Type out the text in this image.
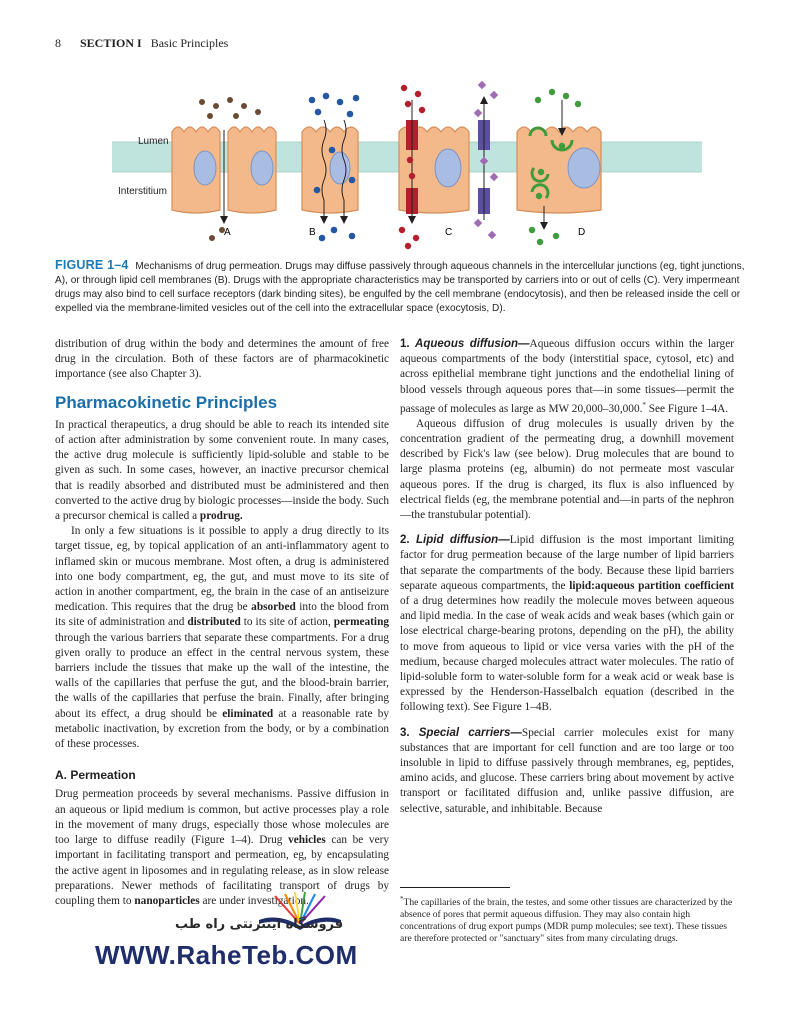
8 SECTION I Basic Principles
Lumen
Interstitium
A	B	C	D
FIGURE 1–4 Mechanisms of drug permeation. Drugs may diffuse passively through aqueous channels in the intercellular junctions (eg, tight junctions, A), or through lipid cell membranes (B). Drugs with the appropriate characteristics may be transported by carriers into or out of cells (C). Very impermeant drugs may also bind to cell surface receptors (dark binding sites), be engulfed by the cell membrane (endocytosis), and then be released inside the cell or expelled via the membrane-limited vesicles out of the cell into the extracellular space (exocytosis, D).

distribution of drug within the body and determines the amount of free drug in the circulation. Both of these factors are of pharmacokinetic importance (see also Chapter 3).

Pharmacokinetic Principles

In practical therapeutics, a drug should be able to reach its intended site of action after administration by some convenient route. In many cases, the active drug molecule is sufficiently lipid-soluble and stable to be given as such. In some cases, however, an inactive precursor chemical that is readily absorbed and distributed must be administered and then converted to the active drug by biologic processes—inside the body. Such a precursor chemical is called a prodrug.

In only a few situations is it possible to apply a drug directly to its target tissue, eg, by topical application of an anti-inflammatory agent to inflamed skin or mucous membrane. Most often, a drug is administered into one body compartment, eg, the gut, and must move to its site of action in another compartment, eg, the brain in the case of an antiseizure medication. This requires that the drug be absorbed into the blood from its site of administration and distributed to its site of action, permeating through the various barriers that separate these compartments. For a drug given orally to produce an effect in the central nervous system, these barriers include the tissues that make up the wall of the intestine, the walls of the capillaries that perfuse the gut, and the blood-brain barrier, the walls of the capillaries that perfuse the brain. Finally, after bringing about its effect, a drug should be eliminated at a reasonable rate by metabolic inactivation, by excretion from the body, or by a combination of these processes.

A. Permeation

Drug permeation proceeds by several mechanisms. Passive diffusion in an aqueous or lipid medium is common, but active processes play a role in the movement of many drugs, especially those whose molecules are too large to diffuse readily (Figure 1–4). Drug vehicles can be very important in facilitating transport and permeation, eg, by encapsulating the active agent in liposomes and in regulating release, as in slow release preparations. Newer methods of facilitating transport of drugs by coupling them to nanoparticles are under investigation.

1. Aqueous diffusion—Aqueous diffusion occurs within the larger aqueous compartments of the body (interstitial space, cytosol, etc) and across epithelial membrane tight junctions and the endothelial lining of blood vessels through aqueous pores that—in some tissues—permit the passage of molecules as large as MW 20,000–30,000.* See Figure 1–4A.

Aqueous diffusion of drug molecules is usually driven by the concentration gradient of the permeating drug, a downhill movement described by Fick's law (see below). Drug molecules that are bound to large plasma proteins (eg, albumin) do not permeate most vascular aqueous pores. If the drug is charged, its flux is also influenced by electrical fields (eg, the membrane potential and—in parts of the nephron—the transtubular potential).

2. Lipid diffusion—Lipid diffusion is the most important limiting factor for drug permeation because of the large number of lipid barriers that separate the compartments of the body. Because these lipid barriers separate aqueous compartments, the lipid:aqueous partition coefficient of a drug determines how readily the molecule moves between aqueous and lipid media. In the case of weak acids and weak bases (which gain or lose electrical charge-bearing protons, depending on the pH), the ability to move from aqueous to lipid or vice versa varies with the pH of the medium, because charged molecules attract water molecules. The ratio of lipid-soluble form to water-soluble form for a weak acid or weak base is expressed by the Henderson-Hasselbalch equation (described in the following text). See Figure 1–4B.

3. Special carriers—Special carrier molecules exist for many substances that are important for cell function and are too large or too insoluble in lipid to diffuse passively through membranes, eg, peptides, amino acids, and glucose. These carriers bring about movement by active transport or facilitated diffusion and, unlike passive diffusion, are selective, saturable, and inhibitable. Because

*The capillaries of the brain, the testes, and some other tissues are characterized by the absence of pores that permit aqueous diffusion. They may also contain high concentrations of drug export pumps (MDR pump molecules; see text). These tissues are therefore protected or "sanctuary" sites from many circulating drugs.
فروشگاه اینترنتی راه طب
WWW.RaheTeb.COM
